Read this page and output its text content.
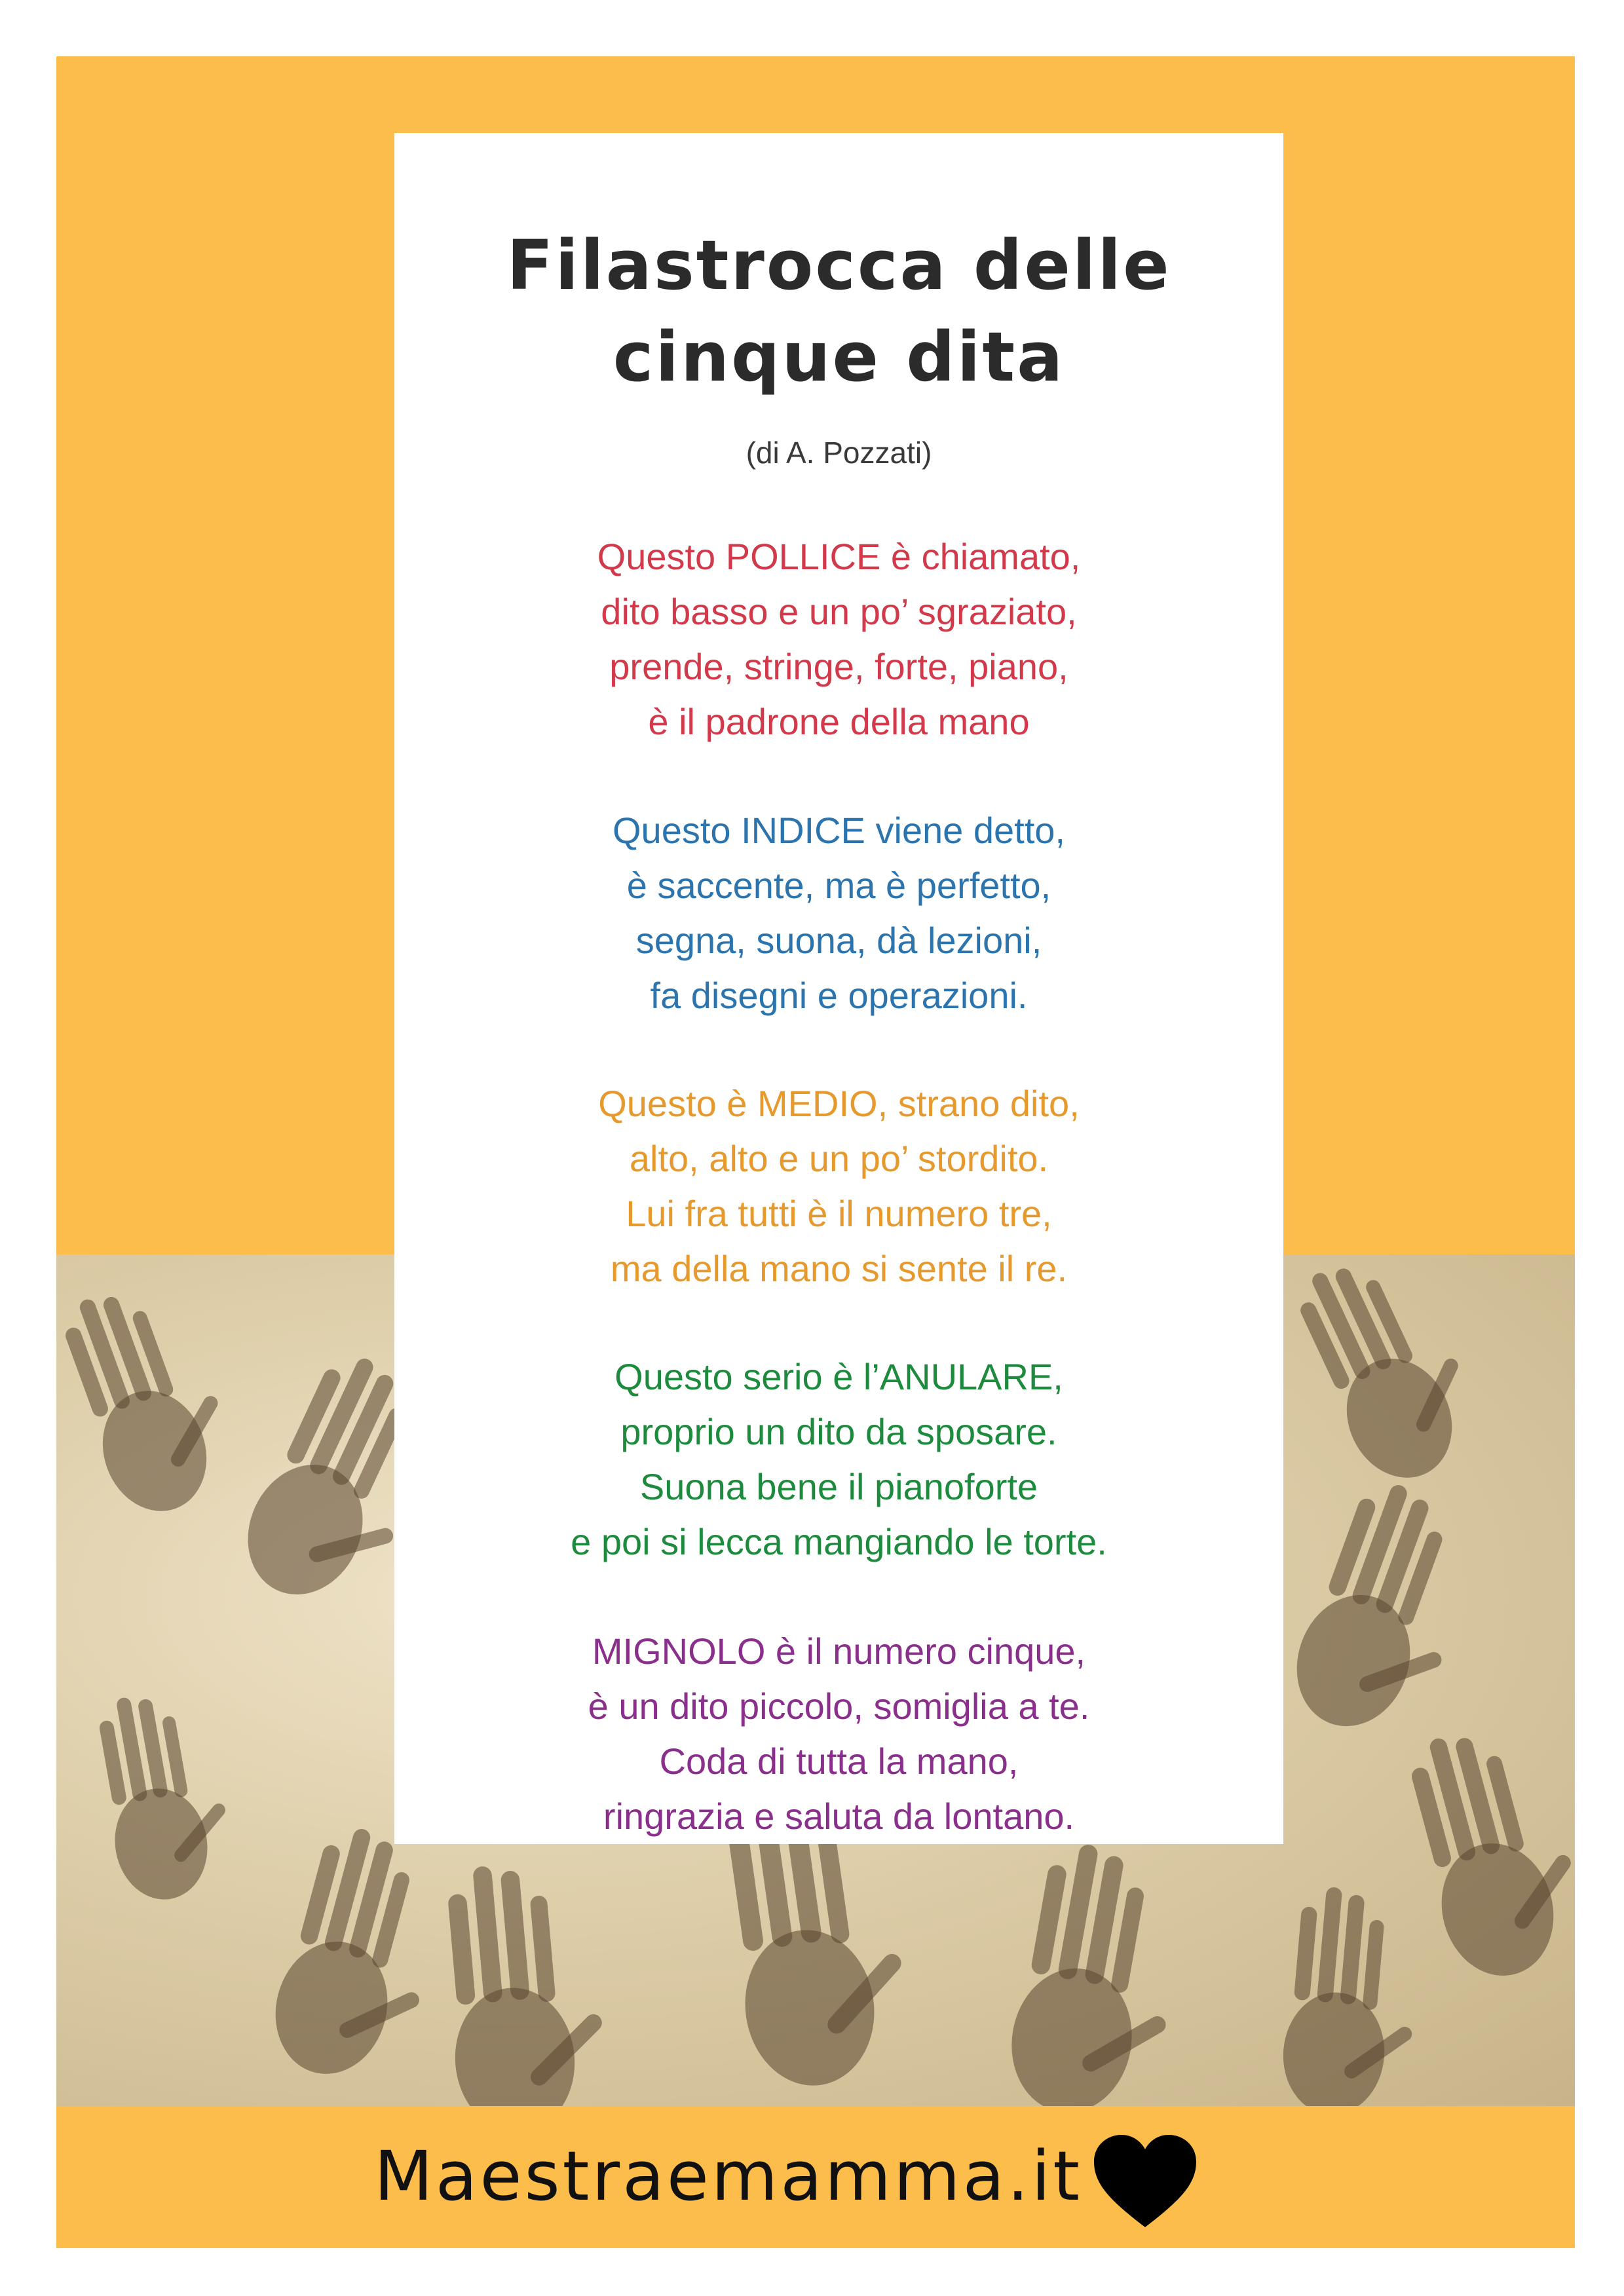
Filastrocca delle
cinque dita
(di A. Pozzati)
Questo POLLICE è chiamato,
dito basso e un po’ sgraziato,
prende, stringe, forte, piano,
è il padrone della mano
Questo INDICE viene detto,
è saccente, ma è perfetto,
segna, suona, dà lezioni,
fa disegni e operazioni.
Questo è MEDIO, strano dito,
alto, alto e un po’ stordito.
Lui fra tutti è il numero tre,
ma della mano si sente il re.
Questo serio è l’ANULARE,
proprio un dito da sposare.
Suona bene il pianoforte
e poi si lecca mangiando le torte.
MIGNOLO è il numero cinque,
è un dito piccolo, somiglia a te.
Coda di tutta la mano,
ringrazia e saluta da lontano.
Maestraemamma.it
